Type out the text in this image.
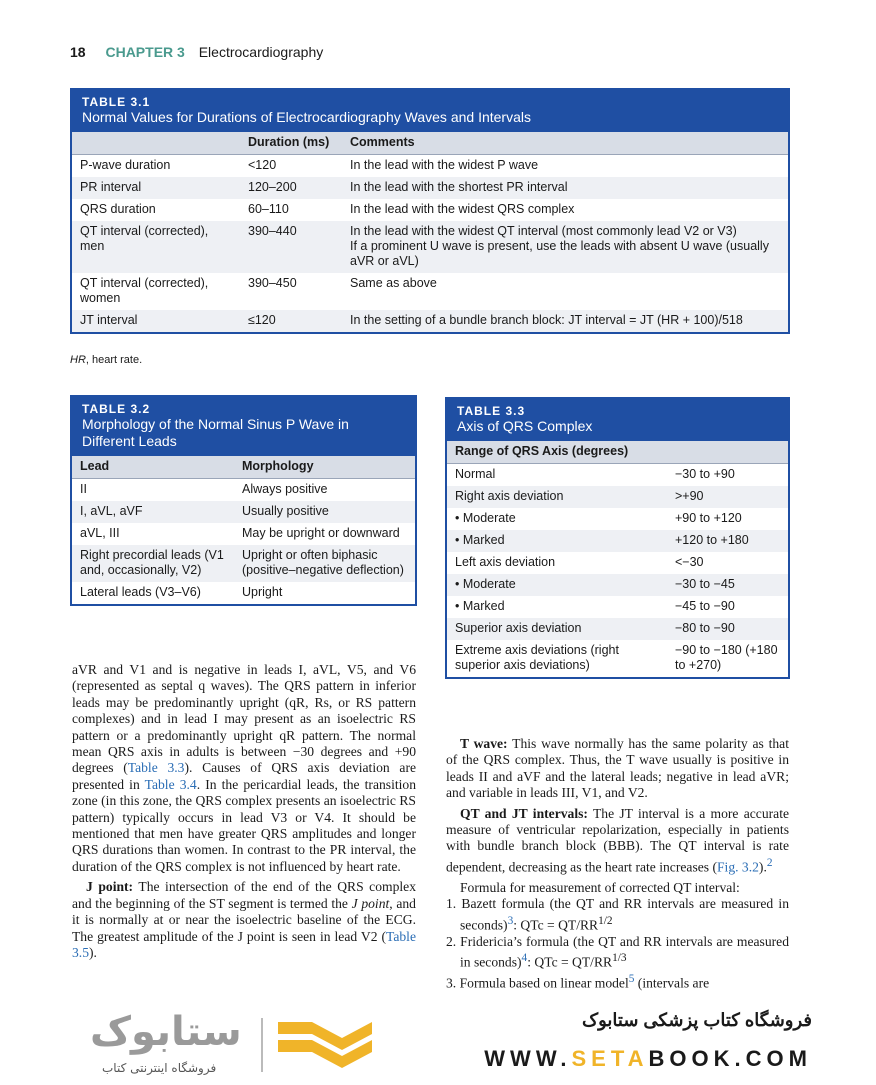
18 CHAPTER 3 Electrocardiography
TABLE 3.1
Normal Values for Durations of Electrocardiography Waves and Intervals
	Duration (ms)	Comments
P-wave duration	<120	In the lead with the widest P wave
PR interval	120–200	In the lead with the shortest PR interval
QRS duration	60–110	In the lead with the widest QRS complex
QT interval (corrected), men	390–440	In the lead with the widest QT interval (most commonly lead V2 or V3)
If a prominent U wave is present, use the leads with absent U wave (usually aVR or aVL)
QT interval (corrected), women	390–450	Same as above
JT interval	≤120	In the setting of a bundle branch block: JT interval = JT (HR + 100)/518
HR, heart rate.
TABLE 3.2
Morphology of the Normal Sinus P Wave in Different Leads
Lead	Morphology
II	Always positive
I, aVL, aVF	Usually positive
aVL, III	May be upright or downward
Right precordial leads (V1 and, occasionally, V2)	Upright or often biphasic (positive–negative deflection)
Lateral leads (V3–V6)	Upright
TABLE 3.3
Axis of QRS Complex
Range of QRS Axis (degrees)	
Normal	−30 to +90
Right axis deviation	>+90
• Moderate	+90 to +120
• Marked	+120 to +180
Left axis deviation	<−30
• Moderate	−30 to −45
• Marked	−45 to −90
Superior axis deviation	−80 to −90
Extreme axis deviations (right superior axis deviations)	−90 to −180 (+180 to +270)

aVR and V1 and is negative in leads I, aVL, V5, and V6 (represented as septal q waves). The QRS pattern in inferior leads may be predominantly upright (qR, Rs, or RS pattern complexes) and in lead I may present as an isoelectric RS pattern or a predominantly upright qR pattern. The normal mean QRS axis in adults is between −30 degrees and +90 degrees (Table 3.3). Causes of QRS axis deviation are presented in Table 3.4. In the pericardial leads, the transition zone (in this zone, the QRS complex presents an isoelectric RS pattern) typically occurs in lead V3 or V4. It should be mentioned that men have greater QRS amplitudes and longer QRS durations than women. In contrast to the PR interval, the duration of the QRS complex is not influenced by heart rate.

J point: The intersection of the end of the QRS complex and the beginning of the ST segment is termed the J point, and it is normally at or near the isoelectric baseline of the ECG. The greatest amplitude of the J point is seen in lead V2 (Table 3.5).

T wave: This wave normally has the same polarity as that of the QRS complex. Thus, the T wave usually is positive in leads II and aVF and the lateral leads; negative in lead aVR; and variable in leads III, V1, and V2.

QT and JT intervals: The JT interval is a more accurate measure of ventricular repolarization, especially in patients with bundle branch block (BBB). The QT interval is rate dependent, decreasing as the heart rate increases (Fig. 3.2).$^2$

Formula for measurement of corrected QT interval:

1. Bazett formula (the QT and RR intervals are measured in seconds)$^3$: QTc = $QT/RR^{1/2}$
2. Fridericia’s formula (the QT and RR intervals are measured in seconds)$^4$: QTc = $QT/RR^{1/3}$
3. Formula based on linear model$^5$ (intervals are
ستابوک
فروشگاه اینترنتی کتاب
فروشگاه کتاب پزشکی ستابوک
WWW.SETABOOK.COM
